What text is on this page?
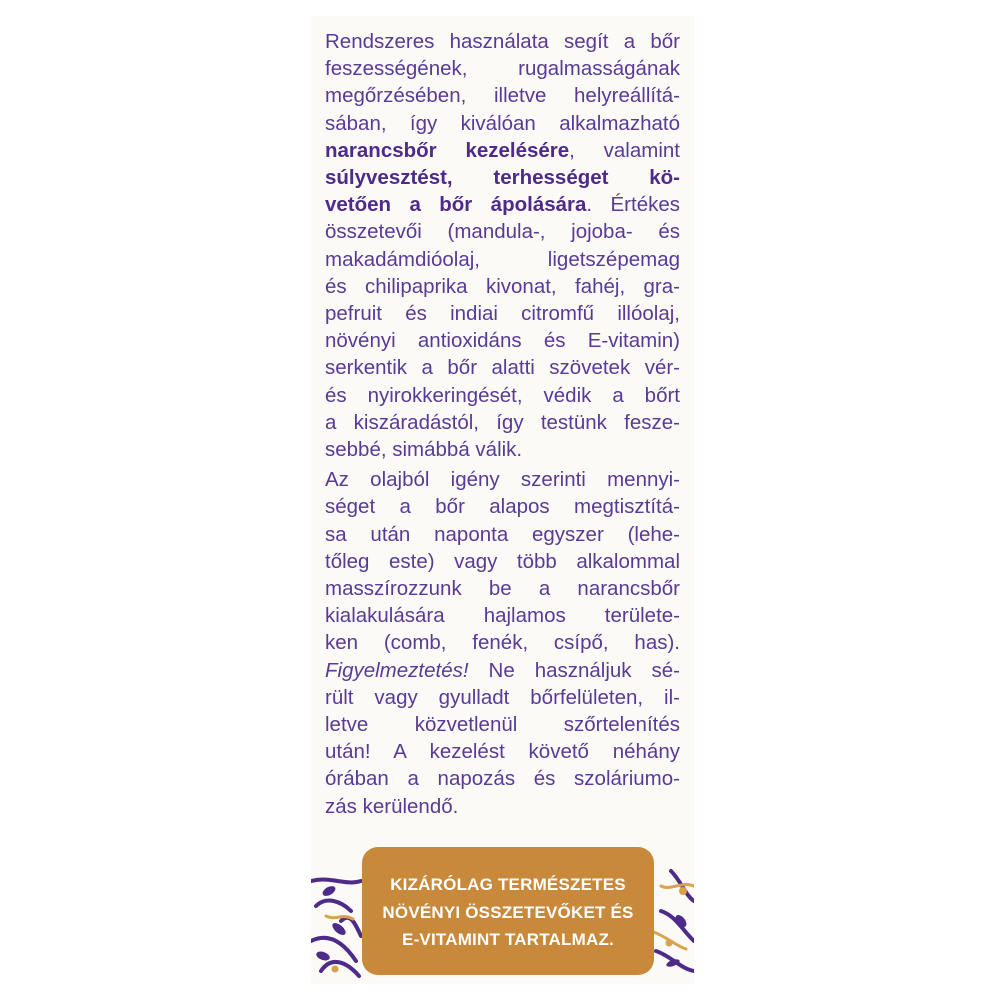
Rendszeres használata segít a bőr
feszességének, rugalmasságának
megőrzésében, illetve helyreállítá-
sában, így kiválóan alkalmazható
narancsbőr kezelésére, valamint
súlyvesztést, terhességet kö-
vetően a bőr ápolására. Értékes
összetevői (mandula-, jojoba- és
makadámdióolaj, ligetszépemag
és chilipaprika kivonat, fahéj, gra-
pefruit és indiai citromfű illóolaj,
növényi antioxidáns és E-vitamin)
serkentik a bőr alatti szövetek vér-
és nyirokkeringését, védik a bőrt
a kiszáradástól, így testünk fesze-
sebbé, simábbá válik.
Az olajból igény szerinti mennyi-
séget a bőr alapos megtisztítá-
sa után naponta egyszer (lehe-
tőleg este) vagy több alkalommal
masszírozzunk be a narancsbőr
kialakulására hajlamos területe-
ken (comb, fenék, csípő, has).
Figyelmeztetés! Ne használjuk sé-
rült vagy gyulladt bőrfelületen, il-
letve közvetlenül szőrtelenítés
után! A kezelést követő néhány
órában a napozás és szoláriumo-
zás kerülendő.
KIZÁRÓLAG TERMÉSZETES
NÖVÉNYI ÖSSZETEVŐKET ÉS
E-VITAMINT TARTALMAZ.
